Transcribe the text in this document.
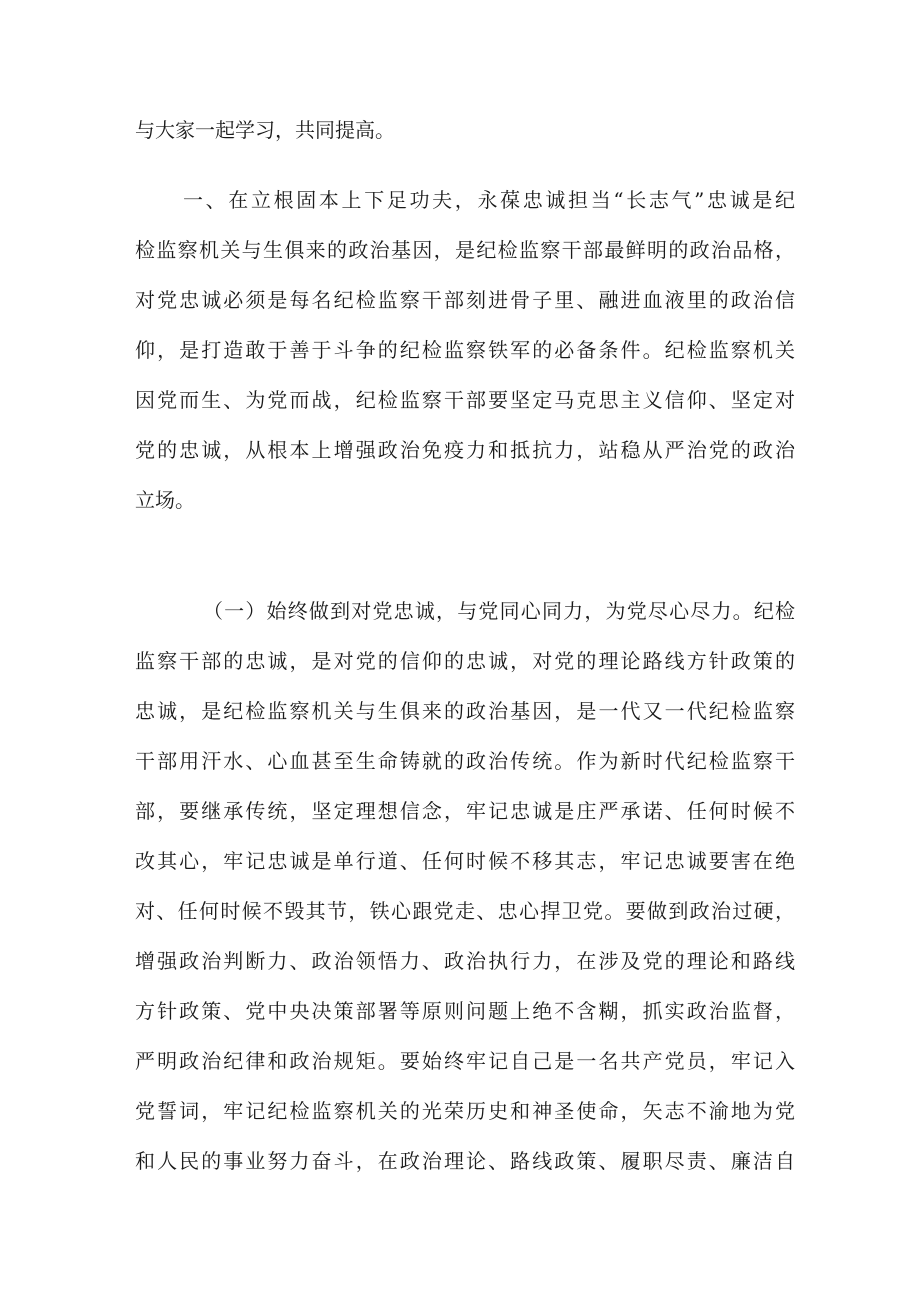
与大家一起学习，共同提高。
一、在立根固本上下足功夫，永葆忠诚担当“长志气”忠诚是纪
检监察机关与生俱来的政治基因，是纪检监察干部最鲜明的政治品格，
对党忠诚必须是每名纪检监察干部刻进骨子里、融进血液里的政治信
仰，是打造敢于善于斗争的纪检监察铁军的必备条件。纪检监察机关
因党而生、为党而战，纪检监察干部要坚定马克思主义信仰、坚定对
党的忠诚，从根本上增强政治免疫力和抵抗力，站稳从严治党的政治
立场。
（一）始终做到对党忠诚，与党同心同力，为党尽心尽力。纪检
监察干部的忠诚，是对党的信仰的忠诚，对党的理论路线方针政策的
忠诚，是纪检监察机关与生俱来的政治基因，是一代又一代纪检监察
干部用汗水、心血甚至生命铸就的政治传统。作为新时代纪检监察干
部，要继承传统，坚定理想信念，牢记忠诚是庄严承诺、任何时候不
改其心，牢记忠诚是单行道、任何时候不移其志，牢记忠诚要害在绝
对、任何时候不毁其节，铁心跟党走、忠心捍卫党。要做到政治过硬，
增强政治判断力、政治领悟力、政治执行力，在涉及党的理论和路线
方针政策、党中央决策部署等原则问题上绝不含糊，抓实政治监督，
严明政治纪律和政治规矩。要始终牢记自己是一名共产党员，牢记入
党誓词，牢记纪检监察机关的光荣历史和神圣使命，矢志不渝地为党
和人民的事业努力奋斗，在政治理论、路线政策、履职尽责、廉洁自
